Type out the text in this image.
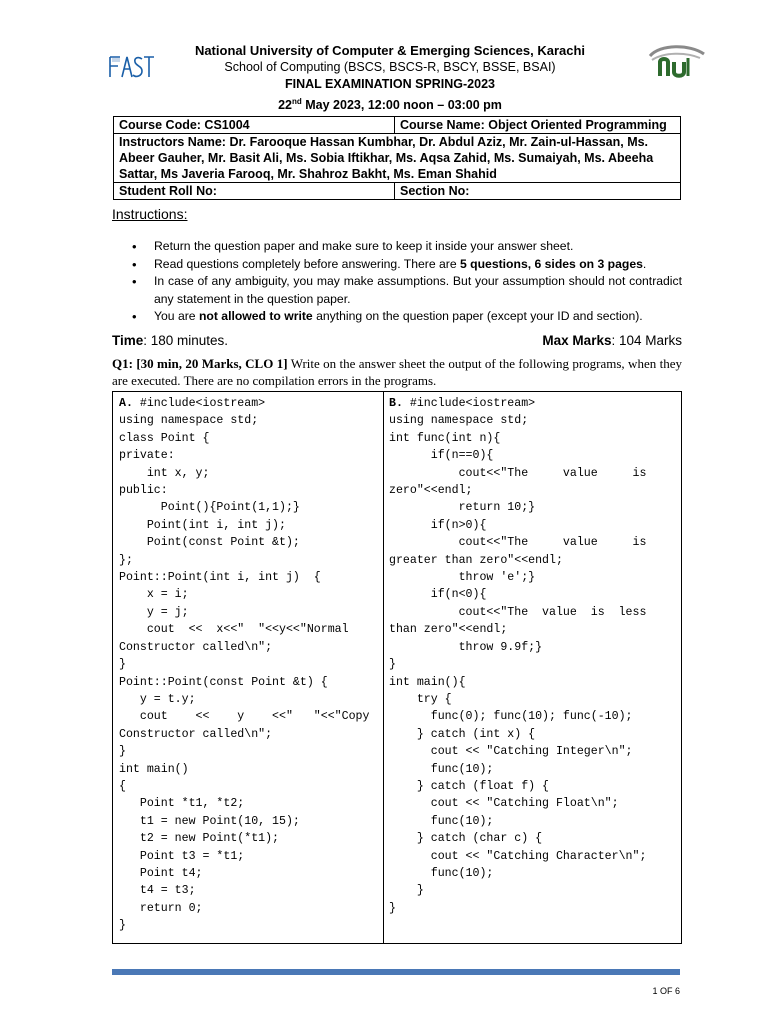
National University of Computer & Emerging Sciences, Karachi
School of Computing (BSCS, BSCS-R, BSCY, BSSE, BSAI)
FINAL EXAMINATION SPRING-2023
22nd May 2023, 12:00 noon – 03:00 pm
Course Code: CS1004	Course Name: Object Oriented Programming
Instructors Name: Dr. Farooque Hassan Kumbhar, Dr. Abdul Aziz, Mr. Zain-ul-Hassan, Ms. Abeer Gauher, Mr. Basit Ali, Ms. Sobia Iftikhar, Ms. Aqsa Zahid, Ms. Sumaiyah, Ms. Abeeha Sattar, Ms Javeria Farooq, Mr. Shahroz Bakht, Ms. Eman Shahid	
Student Roll No:	Section No:
Instructions:
• Return the question paper and make sure to keep it inside your answer sheet.
• Read questions completely before answering. There are 5 questions, 6 sides on 3 pages.
• In case of any ambiguity, you may make assumptions. But your assumption should not contradict any statement in the question paper.
• You are not allowed to write anything on the question paper (except your ID and section).
Time: 180 minutes.	Max Marks: 104 Marks
Q1: [30 min, 20 Marks, CLO 1] Write on the answer sheet the output of the following programs, when they are executed. There are no compilation errors in the programs.
A. #include<iostream>
using namespace std;
class Point {
private:
int x, y;
public:
Point(){Point(1,1);}
Point(int i, int j);
Point(const Point &t);
};
Point::Point(int i, int j)  {
x = i;
y = j;
cout  <<  x<<"  "<<y<<"Normal
Constructor called\n";
}
Point::Point(const Point &t) {
y = t.y;
cout    <<    y    <<"   "<<"Copy
Constructor called\n";
}
int main()
{
Point *t1, *t2;
t1 = new Point(10, 15);
t2 = new Point(*t1);
Point t3 = *t1;
Point t4;
t4 = t3;
return 0;
}
B. #include<iostream>
using namespace std;
int func(int n){
if(n==0){
cout<<"The     value     is
zero"<<endl;
return 10;}
if(n>0){
cout<<"The     value     is
greater than zero"<<endl;
throw 'e';}
if(n<0){
cout<<"The  value  is  less
than zero"<<endl;
throw 9.9f;}
}
int main(){
try {
func(0); func(10); func(-10);
} catch (int x) {
cout << "Catching Integer\n";
func(10);
} catch (float f) {
cout << "Catching Float\n";
func(10);
} catch (char c) {
cout << "Catching Character\n";
func(10);
}
}
1 OF 6
